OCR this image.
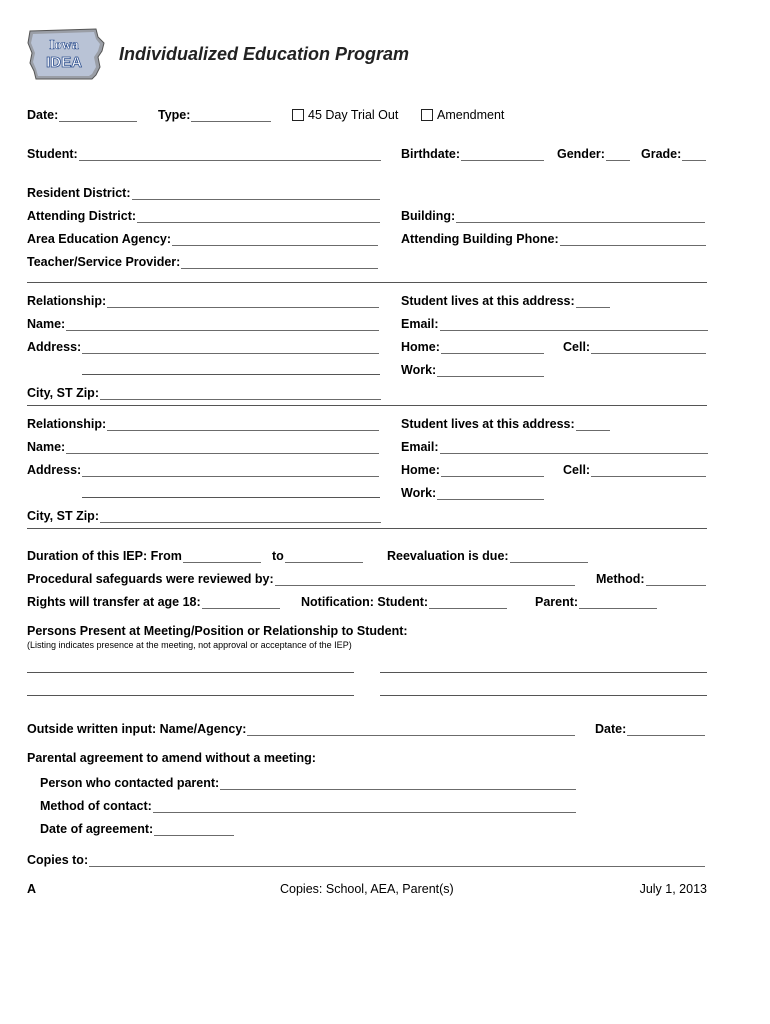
Iowa
IDEA Individualized Education Program
Date:	Type:	45 Day Trial Out	Amendment
Student:	Birthdate:	Gender:	Grade:
Resident District:
Attending District:	Building:
Area Education Agency:	Attending Building Phone:
Teacher/Service Provider:
Relationship:	Student lives at this address:
Name:	Email:
Address:	Home:	Cell:
Work:
City, ST Zip:
Relationship:	Student lives at this address:
Name:	Email:
Address:	Home:	Cell:
Work:
City, ST Zip:
Duration of this IEP: From	to	Reevaluation is due:
Procedural safeguards were reviewed by:	Method:
Rights will transfer at age 18:	Notification: Student:	Parent:
Persons Present at Meeting/Position or Relationship to Student:
(Listing indicates presence at the meeting, not approval or acceptance of the IEP)
Outside written input: Name/Agency:	Date:
Parental agreement to amend without a meeting:
Person who contacted parent:
Method of contact:
Date of agreement:
Copies to:
A	Copies: School, AEA, Parent(s)	July 1, 2013
